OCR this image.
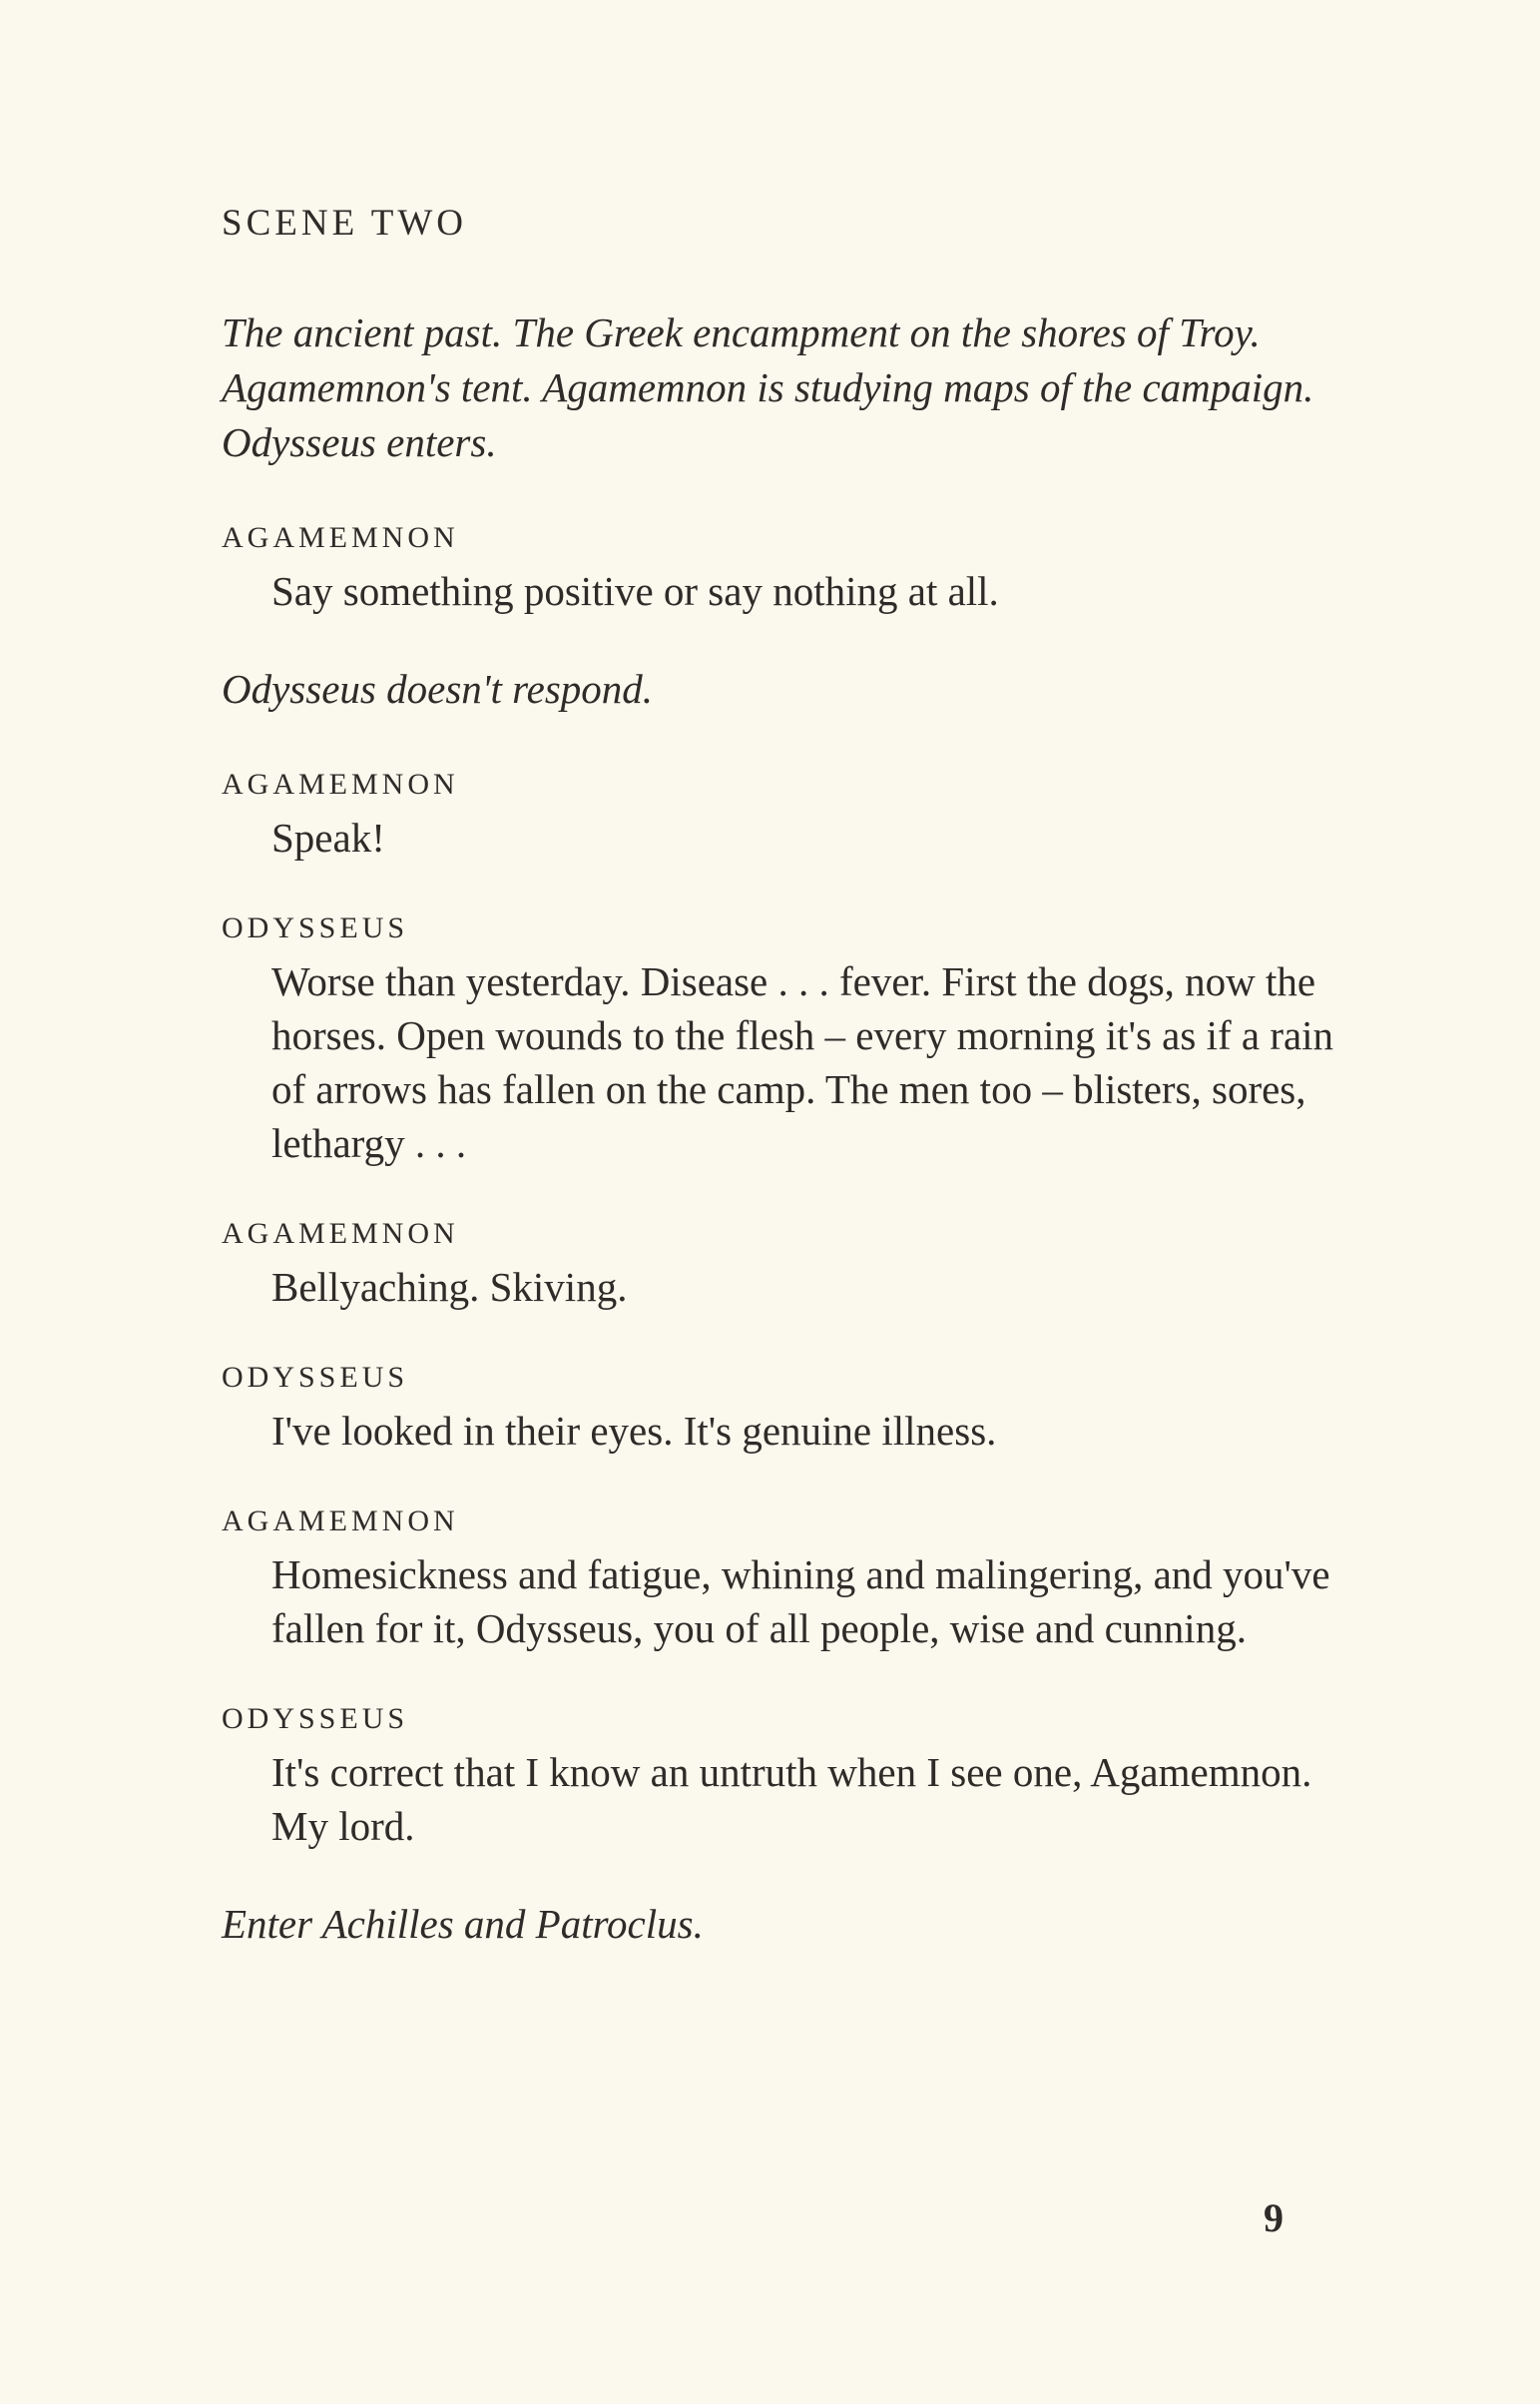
SCENE TWO
The ancient past. The Greek encampment on the shores of Troy. Agamemnon's tent. Agamemnon is studying maps of the campaign. Odysseus enters.
AGAMEMNON
Say something positive or say nothing at all.
Odysseus doesn't respond.
AGAMEMNON
Speak!
ODYSSEUS
Worse than yesterday. Disease . . . fever. First the dogs, now the horses. Open wounds to the flesh – every morning it's as if a rain of arrows has fallen on the camp. The men too – blisters, sores, lethargy . . .
AGAMEMNON
Bellyaching. Skiving.
ODYSSEUS
I've looked in their eyes. It's genuine illness.
AGAMEMNON
Homesickness and fatigue, whining and malingering, and you've fallen for it, Odysseus, you of all people, wise and cunning.
ODYSSEUS
It's correct that I know an untruth when I see one, Agamemnon. My lord.
Enter Achilles and Patroclus.
9
